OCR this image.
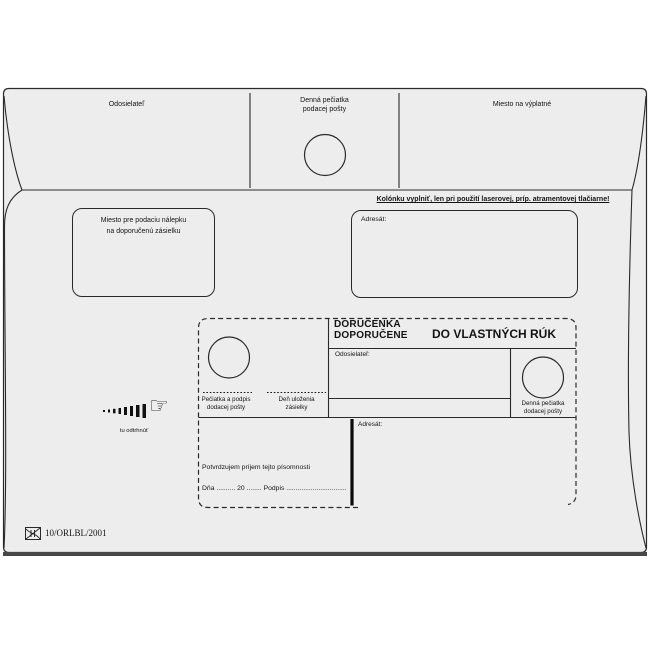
Odosielateľ
Denná pečiatka
podacej pošty
Miesto na výplatné
Miesto pre podaciu nálepku
na doporučenú zásielku
Kolónku vyplniť, len pri použití laserovej, príp. atramentovej tlačiarne!
Adresát:
DORUČENKA
DOPORUČENE	DO VLASTNÝCH RÚK
Odosielateľ:
Pečiatka a podpis
dodacej pošty
Deň uloženia
zásielky
Denná pečiatka
dodacej pošty
Adresát:
Potvrdzujem príjem tejto písomnosti
Dňa .......... 20 ........ Podpis ................................
☞
tu odtrhnúť
10/ORLBL/2001
